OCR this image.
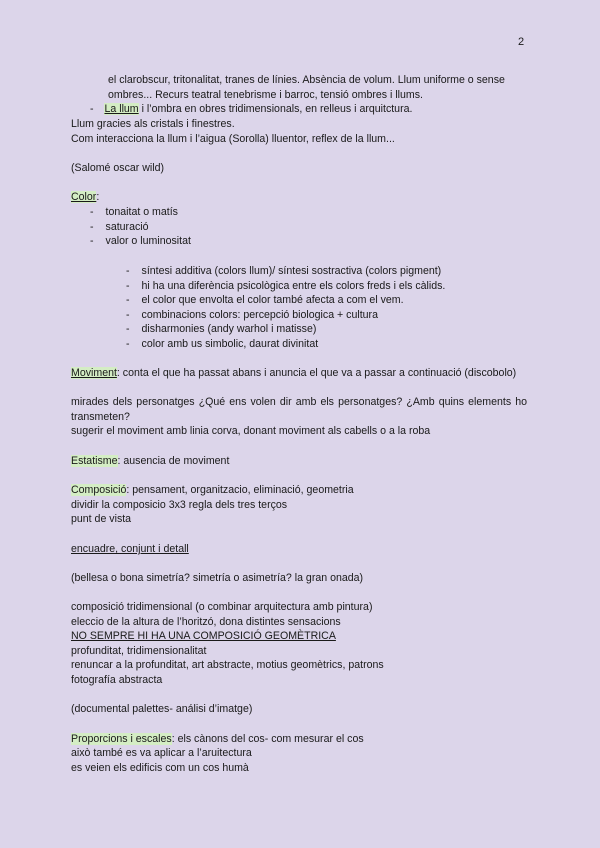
2
el clarobscur, tritonalitat, tranes de línies. Absència de volum. Llum uniforme o sense
ombres... Recurs teatral tenebrisme i barroc, tensió ombres i llums.
- La llum i l’ombra en obres tridimensionals, en relleus i arquitctura.
Llum gracies als cristals i finestres.
Com interacciona la llum i l’aigua (Sorolla) lluentor, reflex de la llum...
(Salomé oscar wild)
Color:
- tonaitat o matís
- saturació
- valor o luminositat
- síntesi additiva (colors llum)/ síntesi sostractiva (colors pigment)
- hi ha una diferència psicològica entre els colors freds i els càlids.
- el color que envolta el color també afecta a com el vem.
- combinacions colors: percepció biologica + cultura
- disharmonies (andy warhol i matisse)
- color amb us simbolic, daurat divinitat
Moviment: conta el que ha passat abans i anuncia el que va a passar a continuació (discobolo)
mirades dels personatges ¿Qué ens volen dir amb els personatges? ¿Amb quins elements ho transmeten?
sugerir el moviment amb linia corva, donant moviment als cabells o a la roba
Estatisme: ausencia de moviment
Composició: pensament, organitzacio, eliminació, geometria
dividir la composicio 3x3 regla dels tres terços
punt de vista
encuadre, conjunt i detall
(bellesa o bona simetría? simetría o asimetría? la gran onada)
composició tridimensional (o combinar arquitectura amb pintura)
eleccio de la altura de l’horitzó, dona distintes sensacions
NO SEMPRE HI HA UNA COMPOSICIÓ GEOMÈTRICA
profunditat, tridimensionalitat
renuncar a la profunditat, art abstracte, motius geomètrics, patrons
fotografía abstracta
(documental palettes- análisi d’imatge)
Proporcions i escales: els cànons del cos- com mesurar el cos
això també es va aplicar a l’aruitectura
es veien els edificis com un cos humà
